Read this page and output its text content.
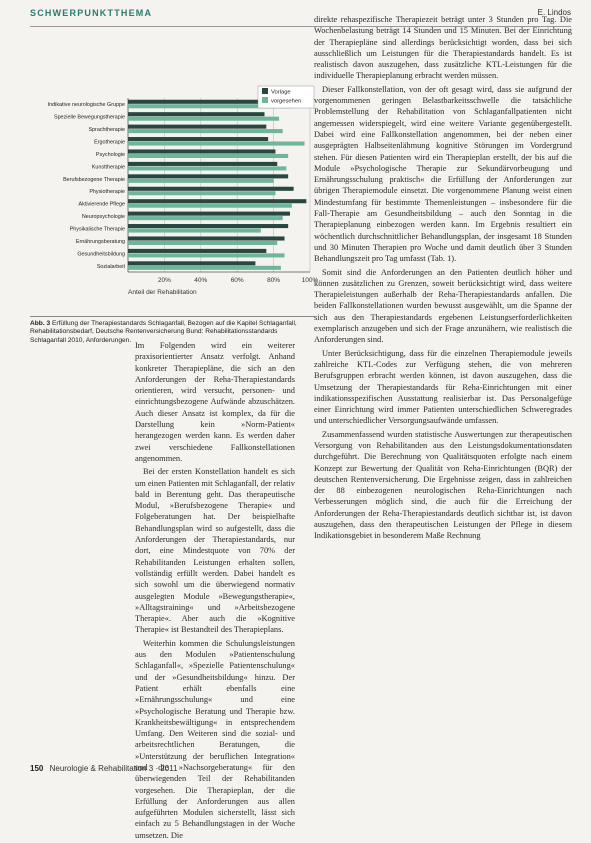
SCHWERPUNKTTHEMA	E. Lindos
20%	40%	60%	80%	100%
Indikative neurologische Gruppe
Spezielle Bewegungstherapie
Sprachtherapie
Ergotherapie
Psychologie
Kunsttherapie
Berufsbezogene Therapie
Physiotherapie
Aktivierende Pflege
Neuropsychologie
Physikalische Therapie
Ernährungsberatung
Gesundheitsbildung
Sozialarbeit
Anteil der Rehabilitation
Vorlage
vorgesehen
Abb. 3 Erfüllung der Therapiestandards Schlaganfall, Bezogen auf die Kapitel Schlaganfall, Rehabilitationsbedarf, Deutsche Rentenversicherung Bund: Rehabilitationsstandards Schlaganfall 2010, Anforderungen.

Im Folgenden wird ein weiterer praxisorientierter Ansatz verfolgt. Anhand konkreter Therapiepläne, die sich an den Anforderungen der Reha-Therapiestandards orientieren, wird versucht, personen- und einrichtungsbezogene Aufwände abzuschätzen. Auch dieser Ansatz ist komplex, da für die Darstellung kein »Norm-Patient« herangezogen werden kann. Es werden daher zwei verschiedene Fallkonstellationen angenommen.

Bei der ersten Konstellation handelt es sich um einen Patienten mit Schlaganfall, der relativ bald in Berentung geht. Das therapeutische Modul, »Berufsbezogene Therapie« und Folgeberatungen hat. Der beispielhafte Behandlungsplan wird so aufgestellt, dass die Anforderungen der Therapiestandards, nur dort, eine Mindestquote von 70% der Rehabilitanden Leistungen erhalten sollen, vollständig erfüllt werden. Dabei handelt es sich sowohl um die überwiegend normativ ausgelegten Module »Bewegungstherapie«, »Alltagstraining« und »Arbeitsbezogene Therapie«. Aber auch die »Kognitive Therapie« ist Bestandteil des Therapieplans.

Weiterhin kommen die Schulungsleistungen aus den Modulen »Patientenschulung Schlaganfall«, »Spezielle Patientenschulung« und der »Gesundheitsbildung« hinzu. Der Patient erhält ebenfalls eine »Ernährungsschulung« und eine »Psychologische Beratung und Therapie bzw. Krankheitsbewältigung« in entsprechendem Umfang. Den Weiteren sind die sozial- und arbeitsrechtlichen Beratungen, die »Unterstützung der beruflichen Integration« und die »Nachsorgeberatung« für den überwiegenden Teil der Rehabilitanden vorgesehen. Die Therapieplan, der die Erfüllung der Anforderungen aus allen aufgeführten Modulen sicherstellt, lässt sich einfach zu 5 Behandlungstagen in der Woche umsetzen. Die

direkte rehaspezifische Therapiezeit beträgt unter 3 Stunden pro Tag. Die Wochenbelastung beträgt 14 Stunden und 15 Minuten. Bei der Einrichtung der Therapiepläne sind allerdings berücksichtigt worden, dass bei sich ausschließlich um Leistungen für die Therapiestandards handelt. Es ist realistisch davon auszugehen, dass zusätzliche KTL-Leistungen für die individuelle Therapieplanung erbracht werden müssen.

Dieser Fallkonstellation, von der oft gesagt wird, dass sie aufgrund der vorgenommenen geringen Belastbarkeitsschwelle die tatsächliche Problemstellung der Rehabilitation von Schlaganfallpatienten nicht angemessen widerspiegelt, wird eine weitere Variante gegenübergestellt. Dabei wird eine Fallkonstellation angenommen, bei der neben einer ausgeprägten Halbseitenlähmung kognitive Störungen im Vordergrund stehen. Für diesen Patienten wird ein Therapieplan erstellt, der bis auf die Module »Psychologische Therapie zur Sekundärvorbeugung und Ernährungsschulung praktisch« die Erfüllung der Anforderungen zur übrigen Therapiemodule einsetzt. Die vorgenommene Planung weist einen Mindestumfang für bestimmte Themenleistungen – insbesondere für die Fall-Therapie am Gesundheitsbildung – auch den Sonntag in die Therapieplanung einbezogen werden kann. Im Ergebnis resultiert ein wöchentlich durchschnittlicher Behandlungsplan, der insgesamt 18 Stunden und 30 Minuten Therapien pro Woche und damit deutlich über 3 Stunden Behandlungszeit pro Tag umfasst (Tab. 1).

Somit sind die Anforderungen an den Patienten deutlich höher und können zusätzlichen zu Grenzen, soweit berücksichtigt wird, dass weitere Therapieleistungen außerhalb der Reha-Therapiestandards anfallen. Die beiden Fallkonstellationen wurden bewusst ausgewählt, um die Spanne der sich aus den Therapiestandards ergebenen Leistungserforderlichkeiten exemplarisch anzugeben und sich der Frage anzunähern, wie realistisch die Anforderungen sind.

Unter Berücksichtigung, dass für die einzelnen Therapiemodule jeweils zahlreiche KTL-Codes zur Verfügung stehen, die von mehreren Berufsgruppen erbracht werden können, ist davon auszugehen, dass die Umsetzung der Therapiestandards für Reha-Einrichtungen mit einer indikationsspezifischen Ausstattung realisierbar ist. Das Personalgefüge einer Einrichtung wird immer Patienten unterschiedlichen Schweregrades und unterschiedlicher Versorgungsaufwände umfassen.

Zusammenfassend wurden statistische Auswertungen zur therapeutischen Versorgung von Rehabilitanden aus den Leistungsdokumentationsdaten durchgeführt. Die Berechnung von Qualitätsquoten erfolgte nach einem Konzept zur Bewertung der Qualität von Reha-Einrichtungen (BQR) der deutschen Rentenversicherung. Die Ergebnisse zeigen, dass in zahlreichen der 88 einbezogenen neurologischen Reha-Einrichtungen nach Verbesserungen möglich sind, die auch für die Erreichung der Anforderungen der Reha-Therapiestandards deutlich sichtbar ist, ist davon auszugehen, dass den therapeutischen Leistungen der Pflege in diesem Indikationsgebiet in besonderem Maße Rechnung

150 Neurologie & Rehabilitation 3 · 2011
